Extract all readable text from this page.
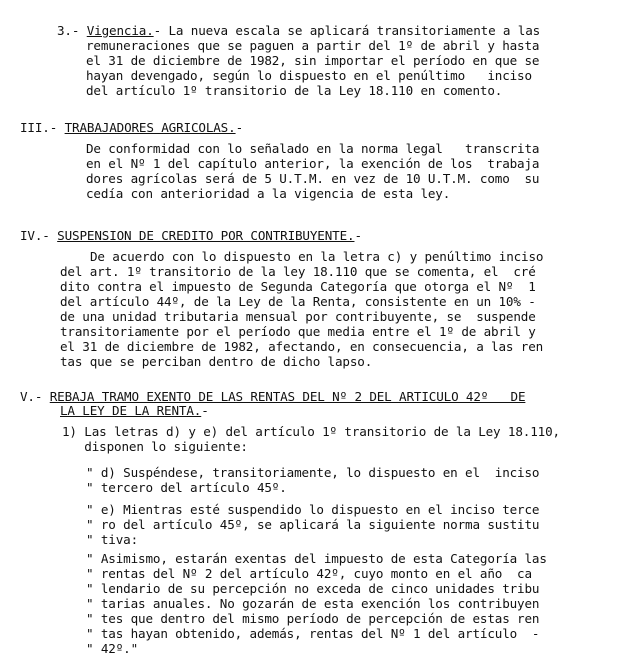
3.- Vigencia.- La nueva escala se aplicará transitoriamente a las
remuneraciones que se paguen a partir del 1º de abril y hasta
el 31 de diciembre de 1982, sin importar el período en que se
hayan devengado, según lo dispuesto en el penúltimo   inciso
del artículo 1º transitorio de la Ley 18.110 en comento.
III.- TRABAJADORES AGRICOLAS.-
De conformidad con lo señalado en la norma legal   transcrita
en el Nº 1 del capítulo anterior, la exención de los  trabaja
dores agrícolas será de 5 U.T.M. en vez de 10 U.T.M. como  su
cedía con anterioridad a la vigencia de esta ley.
IV.- SUSPENSION DE CREDITO POR CONTRIBUYENTE.-
De acuerdo con lo dispuesto en la letra c) y penúltimo inciso
del art. 1º transitorio de la ley 18.110 que se comenta, el  cré
dito contra el impuesto de Segunda Categoría que otorga el Nº  1
del artículo 44º, de la Ley de la Renta, consistente en un 10% -
de una unidad tributaria mensual por contribuyente, se  suspende
transitoriamente por el período que media entre el 1º de abril y
el 31 de diciembre de 1982, afectando, en consecuencia, a las ren
tas que se perciban dentro de dicho lapso.
V.- REBAJA TRAMO EXENTO DE LAS RENTAS DEL Nº 2 DEL ARTICULO 42º   DE
LA LEY DE LA RENTA.-
1) Las letras d) y e) del artículo 1º transitorio de la Ley 18.110,
disponen lo siguiente:
" d) Suspéndese, transitoriamente, lo dispuesto en el  inciso
" tercero del artículo 45º.
" e) Mientras esté suspendido lo dispuesto en el inciso terce
" ro del artículo 45º, se aplicará la siguiente norma sustitu
" tiva:
" Asimismo, estarán exentas del impuesto de esta Categoría las
" rentas del Nº 2 del artículo 42º, cuyo monto en el año  ca
" lendario de su percepción no exceda de cinco unidades tribu
" tarias anuales. No gozarán de esta exención los contribuyen
" tes que dentro del mismo período de percepción de estas ren
" tas hayan obtenido, además, rentas del Nº 1 del artículo  -
" 42º."
